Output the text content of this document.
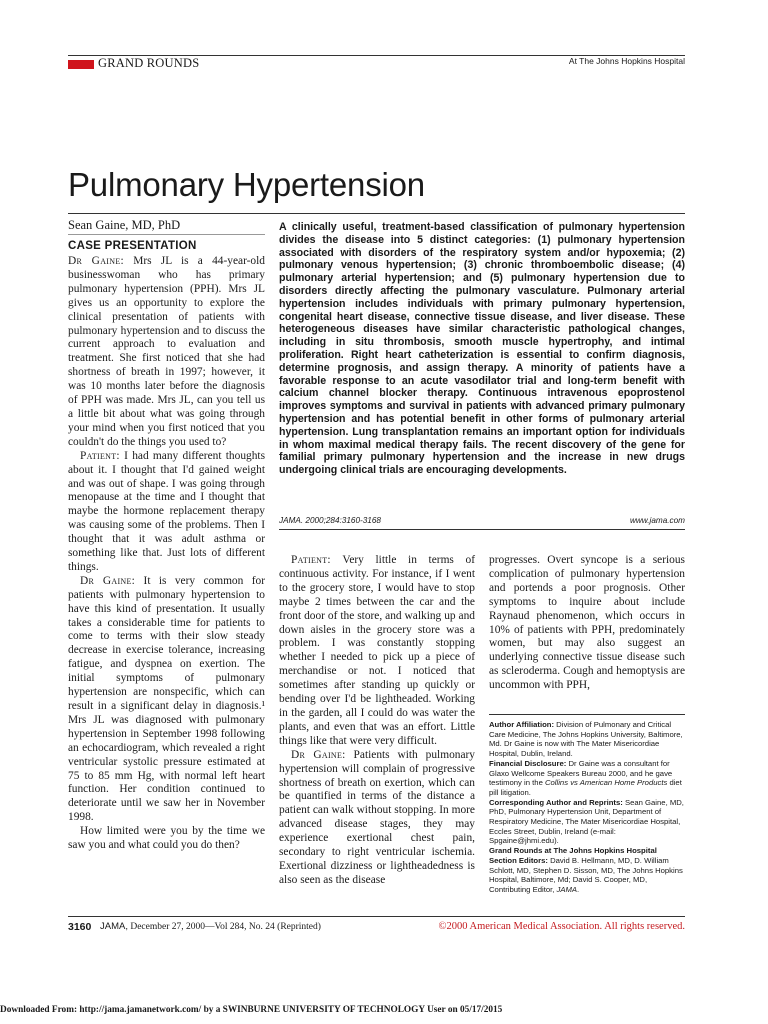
GRAND ROUNDS	At The Johns Hopkins Hospital
Pulmonary Hypertension
Sean Gaine, MD, PhD
CASE PRESENTATION

Dr Gaine: Mrs JL is a 44-year-old businesswoman who has primary pulmonary hypertension (PPH). Mrs JL gives us an opportunity to explore the clinical presentation of patients with pulmonary hypertension and to discuss the current approach to evaluation and treatment. She first noticed that she had shortness of breath in 1997; however, it was 10 months later before the diagnosis of PPH was made. Mrs JL, can you tell us a little bit about what was going through your mind when you first noticed that you couldn't do the things you used to?

Patient: I had many different thoughts about it. I thought that I'd gained weight and was out of shape. I was going through menopause at the time and I thought that maybe the hormone replacement therapy was causing some of the problems. Then I thought that it was adult asthma or something like that. Just lots of different things.

Dr Gaine: It is very common for patients with pulmonary hypertension to have this kind of presentation. It usually takes a considerable time for patients to come to terms with their slow steady decrease in exercise tolerance, increasing fatigue, and dyspnea on exertion. The initial symptoms of pulmonary hypertension are nonspecific, which can result in a significant delay in diagnosis.¹ Mrs JL was diagnosed with pulmonary hypertension in September 1998 following an echocardiogram, which revealed a right ventricular systolic pressure estimated at 75 to 85 mm Hg, with normal left heart function. Her condition continued to deteriorate until we saw her in November 1998.

How limited were you by the time we saw you and what could you do then?

A clinically useful, treatment-based classification of pulmonary hypertension divides the disease into 5 distinct categories: (1) pulmonary hypertension associated with disorders of the respiratory system and/or hypoxemia; (2) pulmonary venous hypertension; (3) chronic thromboembolic disease; (4) pulmonary arterial hypertension; and (5) pulmonary hypertension due to disorders directly affecting the pulmonary vasculature. Pulmonary arterial hypertension includes individuals with primary pulmonary hypertension, congenital heart disease, connective tissue disease, and liver disease. These heterogeneous diseases have similar characteristic pathological changes, including in situ thrombosis, smooth muscle hypertrophy, and intimal proliferation. Right heart catheterization is essential to confirm diagnosis, determine prognosis, and assign therapy. A minority of patients have a favorable response to an acute vasodilator trial and long-term benefit with calcium channel blocker therapy. Continuous intravenous epoprostenol improves symptoms and survival in patients with advanced primary pulmonary hypertension and has potential benefit in other forms of pulmonary arterial hypertension. Lung transplantation remains an important option for individuals in whom maximal medical therapy fails. The recent discovery of the gene for familial primary pulmonary hypertension and the increase in new drugs undergoing clinical trials are encouraging developments.
JAMA. 2000;284:3160-3168	www.jama.com

Patient: Very little in terms of continuous activity. For instance, if I went to the grocery store, I would have to stop maybe 2 times between the car and the front door of the store, and walking up and down aisles in the grocery store was a problem. I was constantly stopping whether I needed to pick up a piece of merchandise or not. I noticed that sometimes after standing up quickly or bending over I'd be lightheaded. Working in the garden, all I could do was water the plants, and even that was an effort. Little things like that were very difficult.

Dr Gaine: Patients with pulmonary hypertension will complain of progressive shortness of breath on exertion, which can be quantified in terms of the distance a patient can walk without stopping. In more advanced disease stages, they may experience exertional chest pain, secondary to right ventricular ischemia. Exertional dizziness or lightheadedness is also seen as the disease

progresses. Overt syncope is a serious complication of pulmonary hypertension and portends a poor prognosis. Other symptoms to inquire about include Raynaud phenomenon, which occurs in 10% of patients with PPH, predominately women, but may also suggest an underlying connective tissue disease such as scleroderma. Cough and hemoptysis are uncommon with PPH,

Author Affiliation: Division of Pulmonary and Critical Care Medicine, The Johns Hopkins University, Baltimore, Md. Dr Gaine is now with The Mater Misericordiae Hospital, Dublin, Ireland.

Financial Disclosure: Dr Gaine was a consultant for Glaxo Wellcome Speakers Bureau 2000, and he gave testimony in the Collins vs American Home Products diet pill litigation.

Corresponding Author and Reprints: Sean Gaine, MD, PhD, Pulmonary Hypertension Unit, Department of Respiratory Medicine, The Mater Misericordiae Hospital, Eccles Street, Dublin, Ireland (e-mail: Spgaine@jhmi.edu).

Grand Rounds at The Johns Hopkins Hospital Section Editors: David B. Hellmann, MD, D. William Schlott, MD, Stephen D. Sisson, MD, The Johns Hopkins Hospital, Baltimore, Md; David S. Cooper, MD, Contributing Editor, JAMA.

3160 JAMA, December 27, 2000—Vol 284, No. 24 (Reprinted)	©2000 American Medical Association. All rights reserved.
Downloaded From: http://jama.jamanetwork.com/ by a SWINBURNE UNIVERSITY OF TECHNOLOGY User on 05/17/2015
